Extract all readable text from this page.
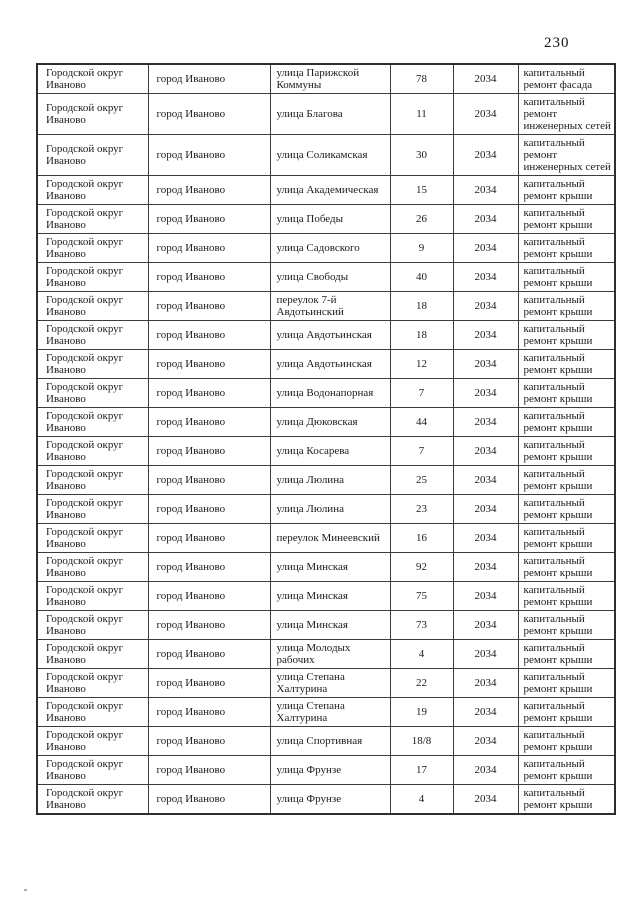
230
Городской округ Иваново	город Иваново	улица Парижской Коммуны	78	2034	капитальный ремонт фасада
Городской округ Иваново	город Иваново	улица Благова	11	2034	капитальный ремонт инженерных сетей
Городской округ Иваново	город Иваново	улица Соликамская	30	2034	капитальный ремонт инженерных сетей
Городской округ Иваново	город Иваново	улица Академическая	15	2034	капитальный ремонт крыши
Городской округ Иваново	город Иваново	улица Победы	26	2034	капитальный ремонт крыши
Городской округ Иваново	город Иваново	улица Садовского	9	2034	капитальный ремонт крыши
Городской округ Иваново	город Иваново	улица Свободы	40	2034	капитальный ремонт крыши
Городской округ Иваново	город Иваново	переулок 7-й Авдотьинский	18	2034	капитальный ремонт крыши
Городской округ Иваново	город Иваново	улица Авдотьинская	18	2034	капитальный ремонт крыши
Городской округ Иваново	город Иваново	улица Авдотьинская	12	2034	капитальный ремонт крыши
Городской округ Иваново	город Иваново	улица Водонапорная	7	2034	капитальный ремонт крыши
Городской округ Иваново	город Иваново	улица Дюковская	44	2034	капитальный ремонт крыши
Городской округ Иваново	город Иваново	улица Косарева	7	2034	капитальный ремонт крыши
Городской округ Иваново	город Иваново	улица Люлина	25	2034	капитальный ремонт крыши
Городской округ Иваново	город Иваново	улица Люлина	23	2034	капитальный ремонт крыши
Городской округ Иваново	город Иваново	переулок Минеевский	16	2034	капитальный ремонт крыши
Городской округ Иваново	город Иваново	улица Минская	92	2034	капитальный ремонт крыши
Городской округ Иваново	город Иваново	улица Минская	75	2034	капитальный ремонт крыши
Городской округ Иваново	город Иваново	улица Минская	73	2034	капитальный ремонт крыши
Городской округ Иваново	город Иваново	улица Молодых рабочих	4	2034	капитальный ремонт крыши
Городской округ Иваново	город Иваново	улица Степана Халтурина	22	2034	капитальный ремонт крыши
Городской округ Иваново	город Иваново	улица Степана Халтурина	19	2034	капитальный ремонт крыши
Городской округ Иваново	город Иваново	улица Спортивная	18/8	2034	капитальный ремонт крыши
Городской округ Иваново	город Иваново	улица Фрунзе	17	2034	капитальный ремонт крыши
Городской округ Иваново	город Иваново	улица Фрунзе	4	2034	капитальный ремонт крыши
